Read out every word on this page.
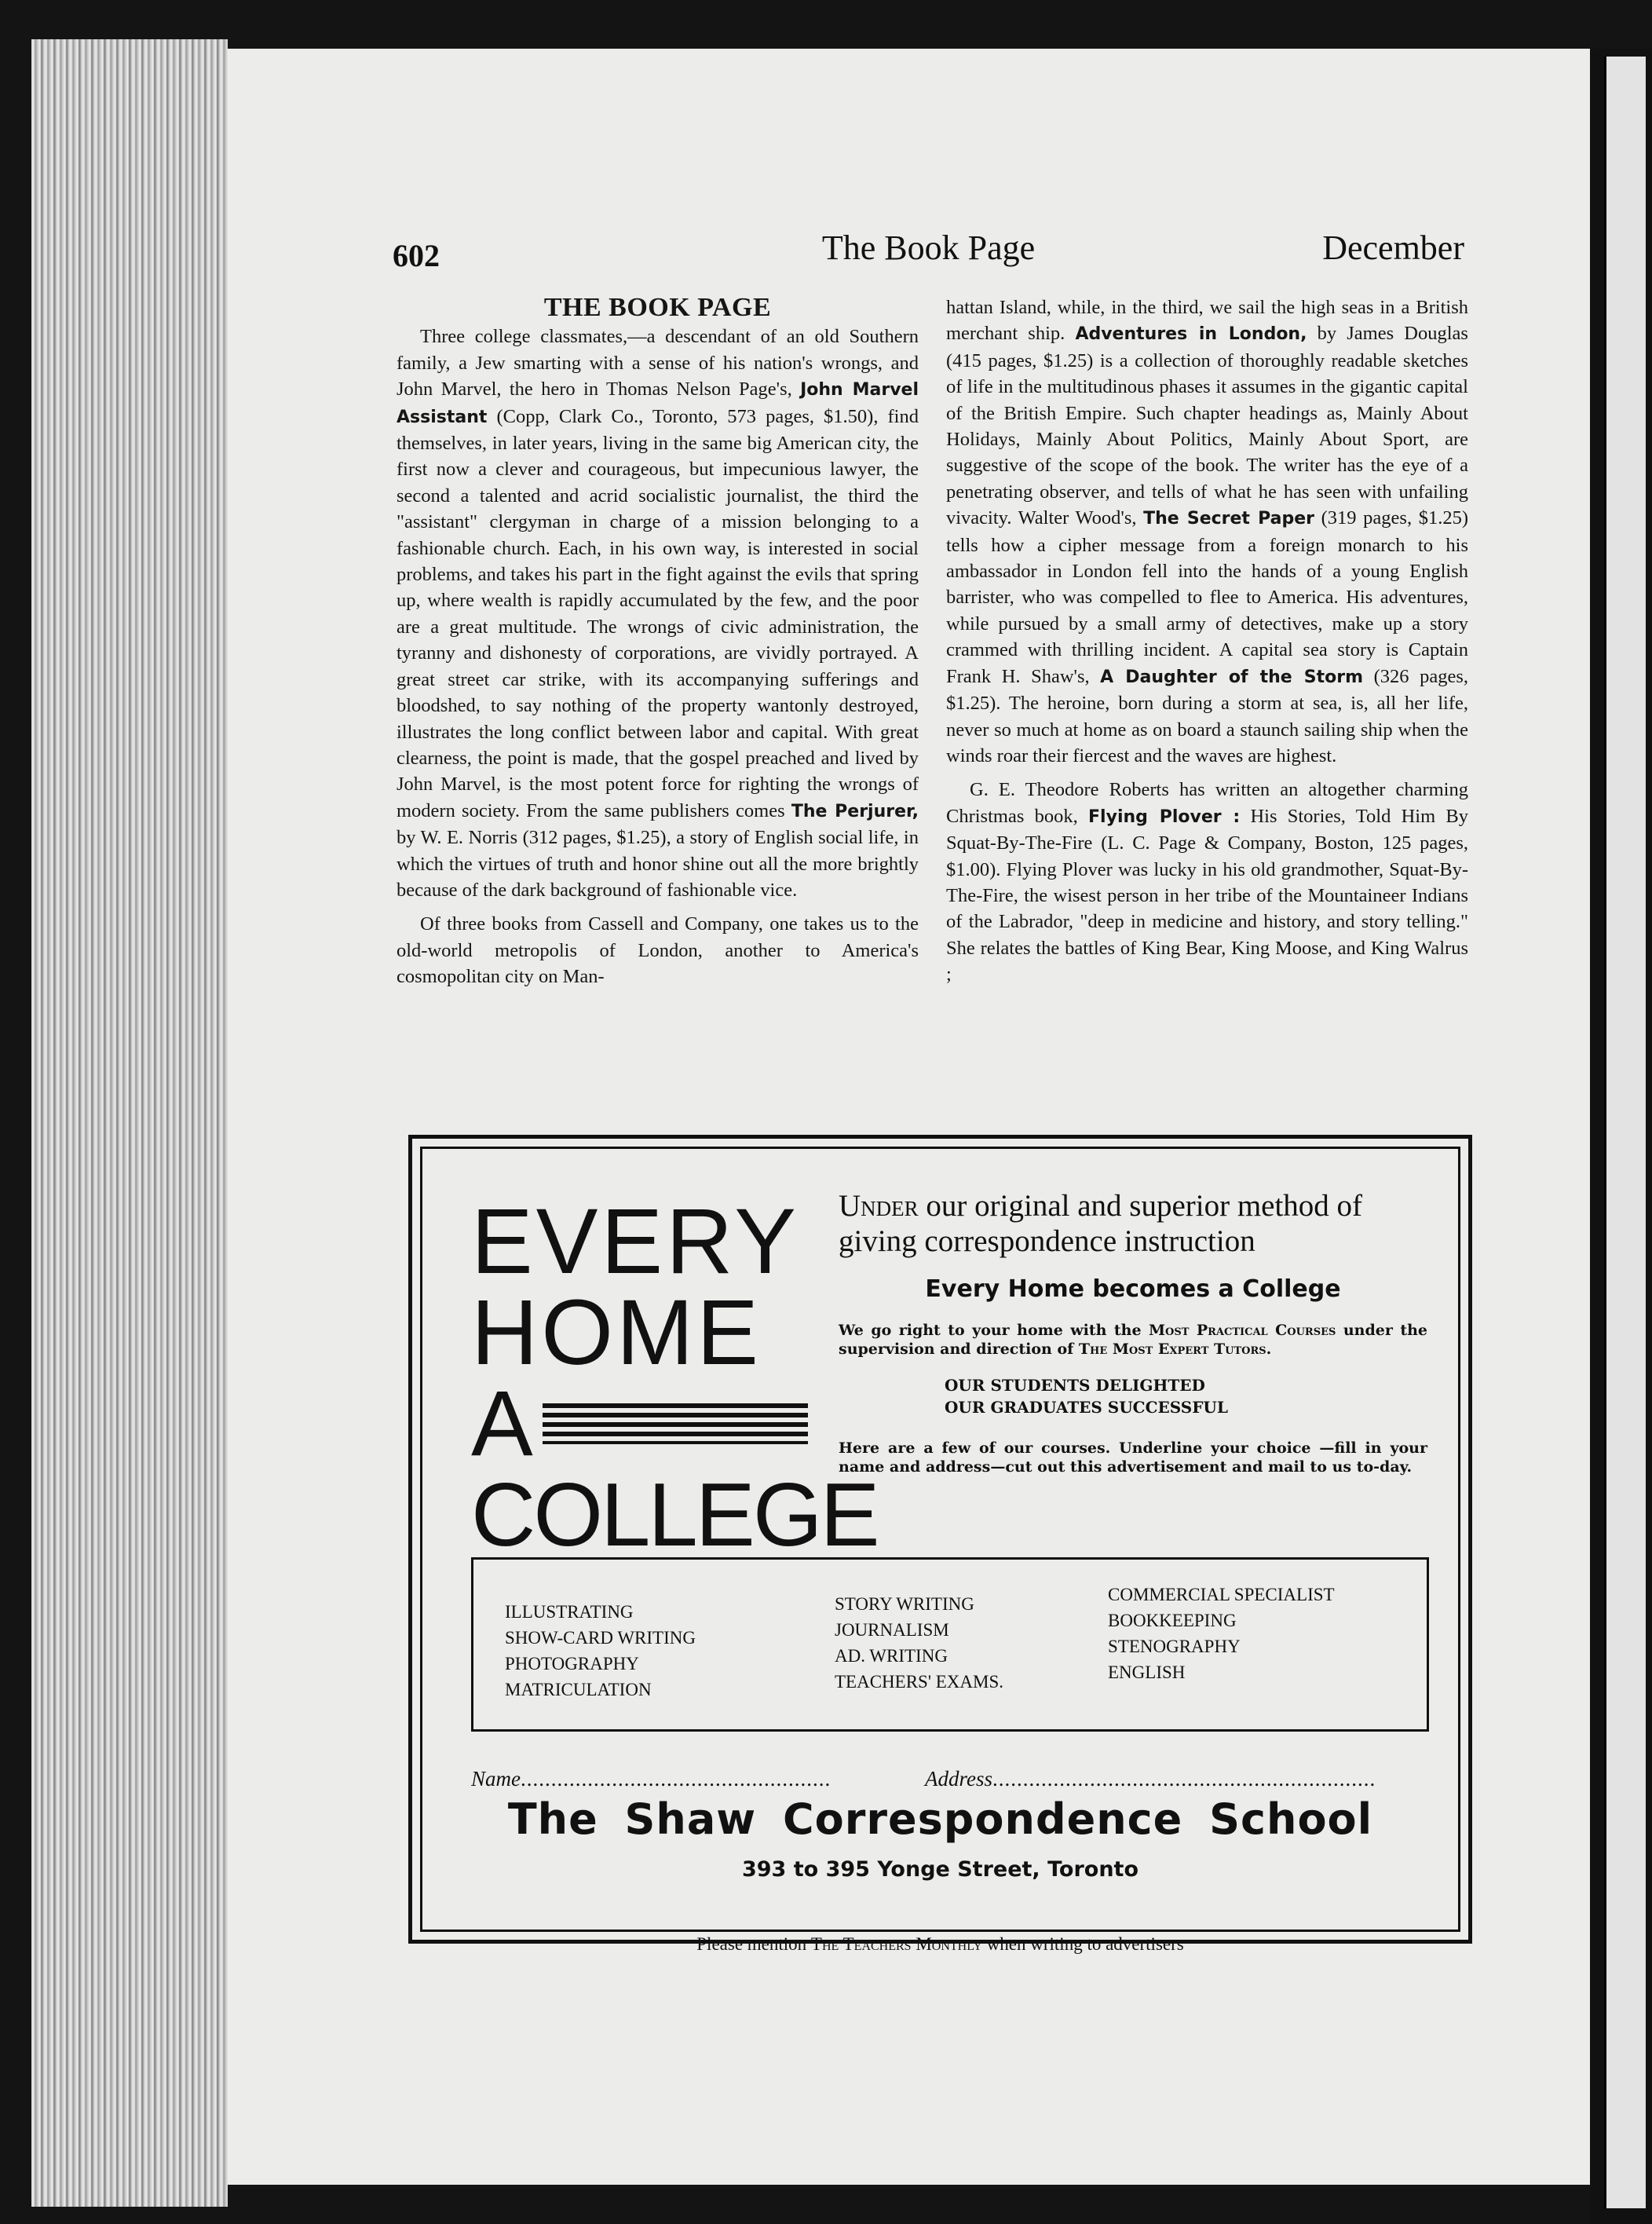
602	The Book Page	December
THE BOOK PAGE

Three college classmates,—a descendant of an old Southern family, a Jew smarting with a sense of his nation's wrongs, and John Marvel, the hero in Thomas Nelson Page's, John Marvel Assistant (Copp, Clark Co., Toronto, 573 pages, $1.50), find themselves, in later years, living in the same big American city, the first now a clever and courageous, but impecunious lawyer, the second a talented and acrid socialistic journalist, the third the "assistant" clergyman in charge of a mission belonging to a fashionable church. Each, in his own way, is interested in social problems, and takes his part in the fight against the evils that spring up, where wealth is rapidly accumulated by the few, and the poor are a great multitude. The wrongs of civic administration, the tyranny and dishonesty of corporations, are vividly portrayed. A great street car strike, with its accompanying sufferings and bloodshed, to say nothing of the property wantonly destroyed, illustrates the long conflict between labor and capital. With great clearness, the point is made, that the gospel preached and lived by John Marvel, is the most potent force for righting the wrongs of modern society. From the same publishers comes The Perjurer, by W. E. Norris (312 pages, $1.25), a story of English social life, in which the virtues of truth and honor shine out all the more brightly because of the dark background of fashionable vice.

Of three books from Cassell and Company, one takes us to the old-world metropolis of London, another to America's cosmopolitan city on Man-

hattan Island, while, in the third, we sail the high seas in a British merchant ship. Adventures in London, by James Douglas (415 pages, $1.25) is a collection of thoroughly readable sketches of life in the multitudinous phases it assumes in the gigantic capital of the British Empire. Such chapter headings as, Mainly About Holidays, Mainly About Politics, Mainly About Sport, are suggestive of the scope of the book. The writer has the eye of a penetrating observer, and tells of what he has seen with unfailing vivacity. Walter Wood's, The Secret Paper (319 pages, $1.25) tells how a cipher message from a foreign monarch to his ambassador in London fell into the hands of a young English barrister, who was compelled to flee to America. His adventures, while pursued by a small army of detectives, make up a story crammed with thrilling incident. A capital sea story is Captain Frank H. Shaw's, A Daughter of the Storm (326 pages, $1.25). The heroine, born during a storm at sea, is, all her life, never so much at home as on board a staunch sailing ship when the winds roar their fiercest and the waves are highest.

G. E. Theodore Roberts has written an altogether charming Christmas book, Flying Plover : His Stories, Told Him By Squat-By-The-Fire (L. C. Page & Company, Boston, 125 pages, $1.00). Flying Plover was lucky in his old grandmother, Squat-By-The-Fire, the wisest person in her tribe of the Mountaineer Indians of the Labrador, "deep in medicine and history, and story telling." She relates the battles of King Bear, King Moose, and King Walrus ;

EVERY
HOME
A
COLLEGE
Under our original and superior method of giving correspondence instruction
Every Home becomes a College
We go right to your home with the Most Practical Courses under the supervision and direction of The Most Expert Tutors.
OUR STUDENTS DELIGHTED
OUR GRADUATES SUCCESSFUL
Here are a few of our courses. Underline your choice —fill in your name and address—cut out this advertisement and mail to us to-day.
ILLUSTRATING
SHOW-CARD WRITING
PHOTOGRAPHY
MATRICULATION
STORY WRITING
JOURNALISM
AD. WRITING
TEACHERS' EXAMS.
COMMERCIAL SPECIALIST
BOOKKEEPING
STENOGRAPHY
ENGLISH
Name...................................................	Address...............................................................
The Shaw Correspondence School
393 to 395 Yonge Street, Toronto
Please mention The Teachers Monthly when writing to advertisers
